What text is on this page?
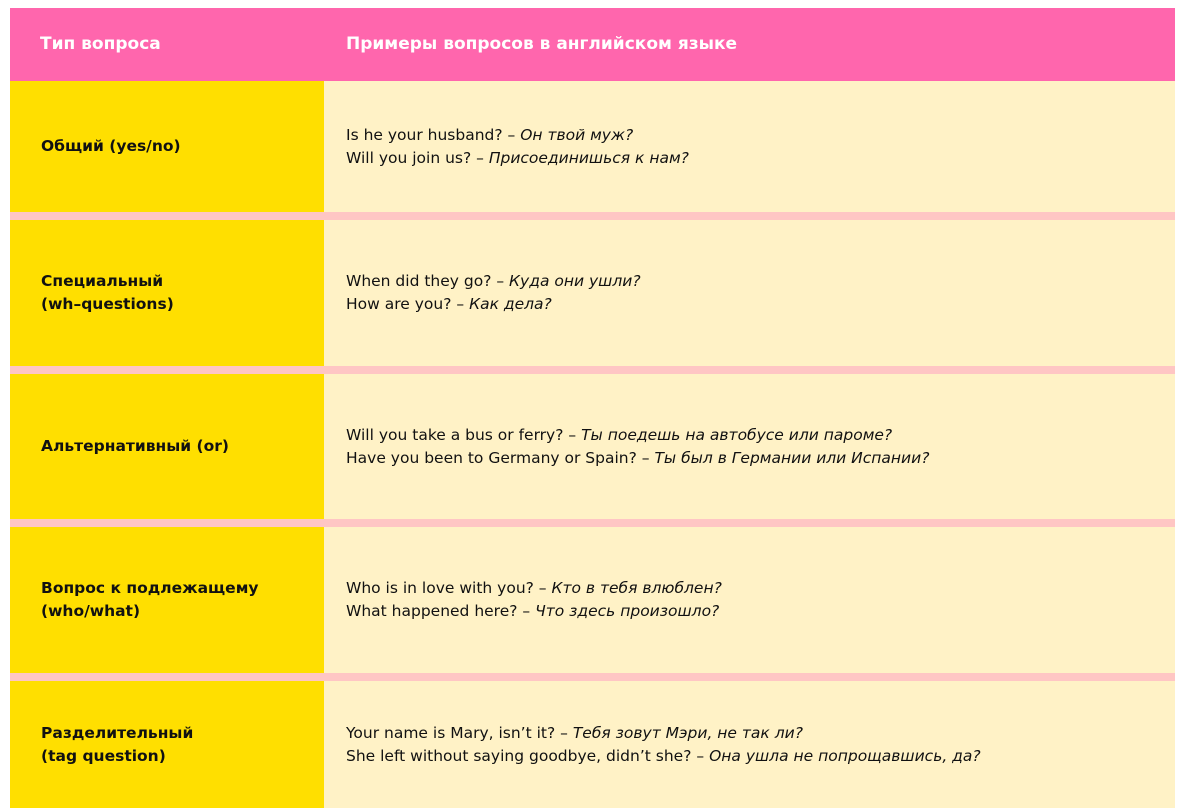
Тип вопроса	Примеры вопросов в английском языке
Общий (yes/no)
Is he your husband? – Он твой муж?
Will you join us? – Присоединишься к нам?
Специальный
(wh–questions)
When did they go? – Куда они ушли?
How are you? – Как дела?
Альтернативный (or)
Will you take a bus or ferry? – Ты поедешь на автобусе или пароме?
Have you been to Germany or Spain? – Ты был в Германии или Испании?
Вопрос к подлежащему
(who/what)
Who is in love with you? – Кто в тебя влюблен?
What happened here? – Что здесь произошло?
Разделительный
(tag question)
Your name is Mary, isn’t it? – Тебя зовут Мэри, не так ли?
She left without saying goodbye, didn’t she? – Она ушла не попрощавшись, да?
